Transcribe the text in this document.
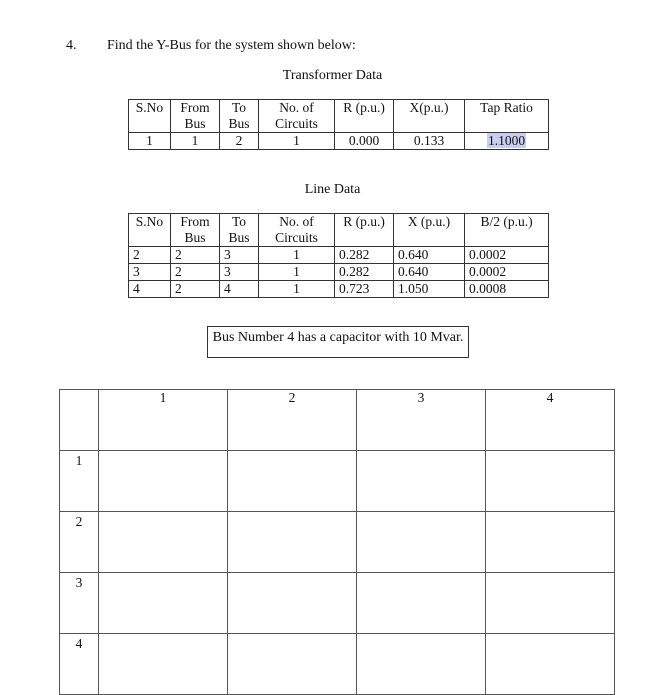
4. Find the Y-Bus for the system shown below:
Transformer Data
S.No	From Bus	To Bus	No. of Circuits	R (p.u.)	X(p.u.)	Tap Ratio
1	1	2	1	0.000	0.133	1.1000
Line Data
S.No	From Bus	To Bus	No. of Circuits	R (p.u.)	X (p.u.)	B/2 (p.u.)
2	2	3	1	0.282	0.640	0.0002
3	2	3	1	0.282	0.640	0.0002
4	2	4	1	0.723	1.050	0.0008
Bus Number 4 has a capacitor with 10 Mvar.
	1	2	3	4
1				
2				
3				
4				
